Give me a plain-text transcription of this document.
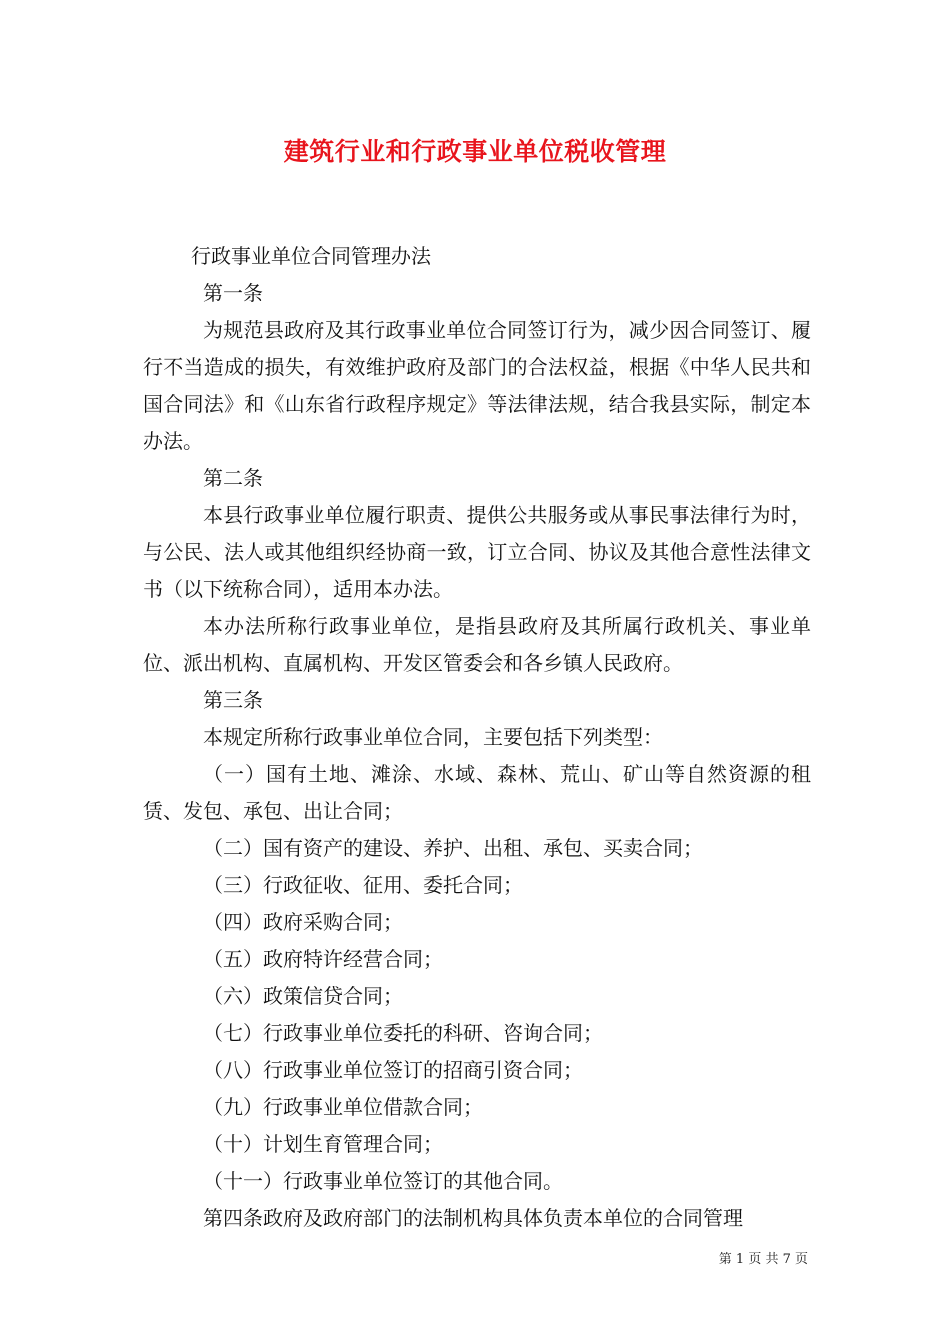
建筑行业和行政事业单位税收管理

行政事业单位合同管理办法

第一条

为规范县政府及其行政事业单位合同签订行为，减少因合同签订、履行不当造成的损失，有效维护政府及部门的合法权益，根据《中华人民共和国合同法》和《山东省行政程序规定》等法律法规，结合我县实际，制定本办法。

第二条

本县行政事业单位履行职责、提供公共服务或从事民事法律行为时，与公民、法人或其他组织经协商一致，订立合同、协议及其他合意性法律文书（以下统称合同），适用本办法。

本办法所称行政事业单位，是指县政府及其所属行政机关、事业单位、派出机构、直属机构、开发区管委会和各乡镇人民政府。

第三条

本规定所称行政事业单位合同，主要包括下列类型：

（一）国有土地、滩涂、水域、森林、荒山、矿山等自然资源的租赁、发包、承包、出让合同；

（二）国有资产的建设、养护、出租、承包、买卖合同；

（三）行政征收、征用、委托合同；

（四）政府采购合同；

（五）政府特许经营合同；

（六）政策信贷合同；

（七）行政事业单位委托的科研、咨询合同；

（八）行政事业单位签订的招商引资合同；

（九）行政事业单位借款合同；

（十）计划生育管理合同；

（十一）行政事业单位签订的其他合同。

第四条政府及政府部门的法制机构具体负责本单位的合同管理

第 1 页 共 7 页
